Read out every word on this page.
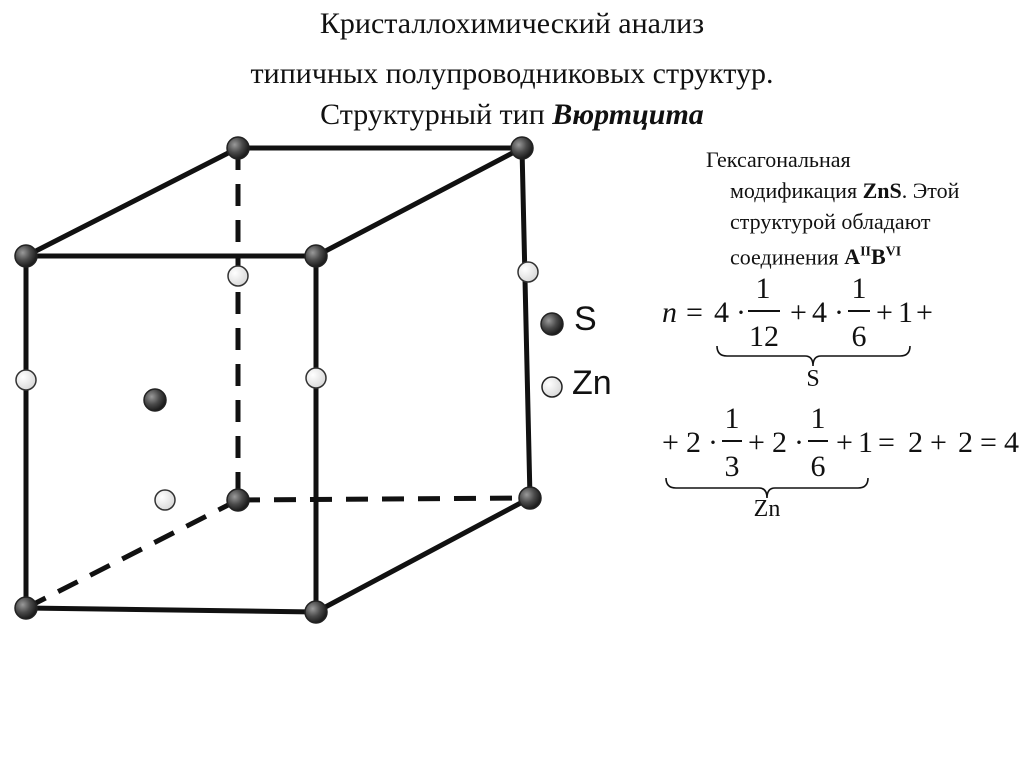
Кристаллохимический анализ
типичных полупроводниковых структур.
Структурный тип Вюртцита
S
Zn
Гексагональная
модификация ZnS. Этой
структурой обладают
соединения $A^{II}B^{VI}$
n = 4 ·
1
12
+ 4 ·
1
6
+ 1 +
S
+ 2 ·
1
3
+ 2 ·
1
6
+ 1 = 2 + 2 = 4
Zn
